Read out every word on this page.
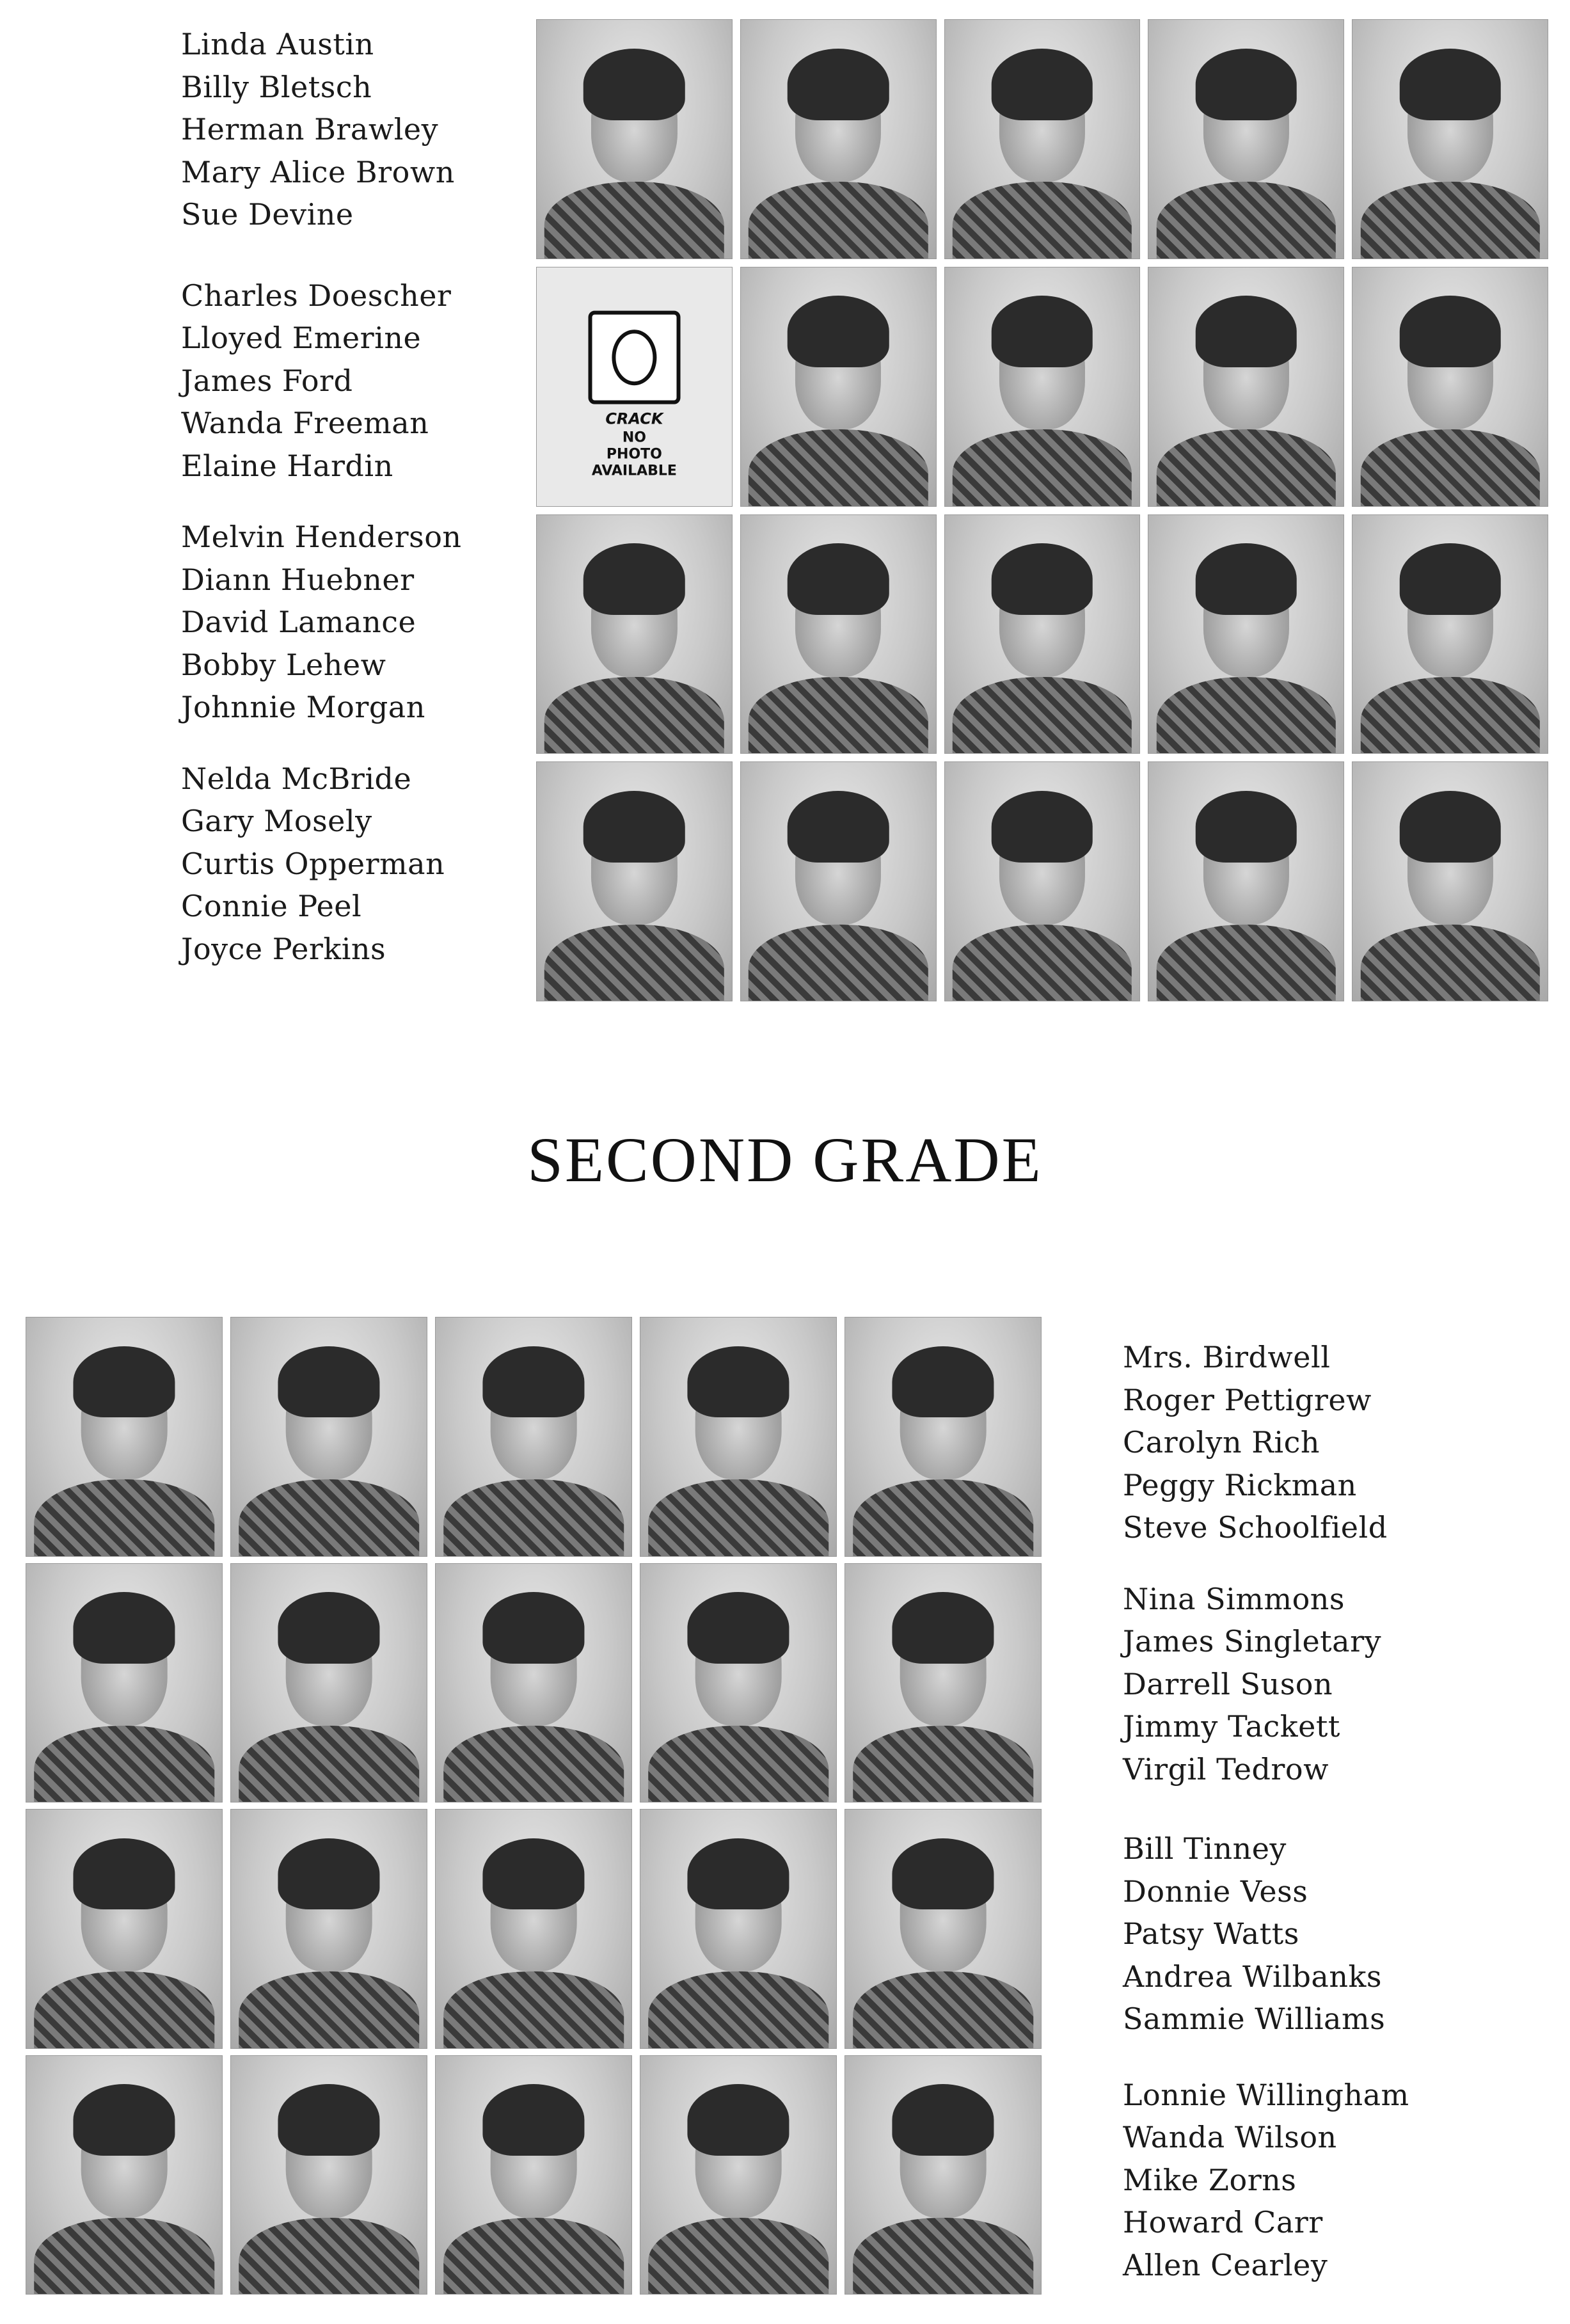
Linda Austin
Billy Bletsch
Herman Brawley
Mary Alice Brown
Sue Devine
Charles Doescher
Lloyed Emerine
James Ford
Wanda Freeman
Elaine Hardin
Melvin Henderson
Diann Huebner
David Lamance
Bobby Lehew
Johnnie Morgan
Nelda McBride
Gary Mosely
Curtis Opperman
Connie Peel
Joyce Perkins
CRACK
NO
PHOTO
AVAILABLE
SECOND GRADE
Mrs. Birdwell
Roger Pettigrew
Carolyn Rich
Peggy Rickman
Steve Schoolfield
Nina Simmons
James Singletary
Darrell Suson
Jimmy Tackett
Virgil Tedrow
Bill Tinney
Donnie Vess
Patsy Watts
Andrea Wilbanks
Sammie Williams
Lonnie Willingham
Wanda Wilson
Mike Zorns
Howard Carr
Allen Cearley
